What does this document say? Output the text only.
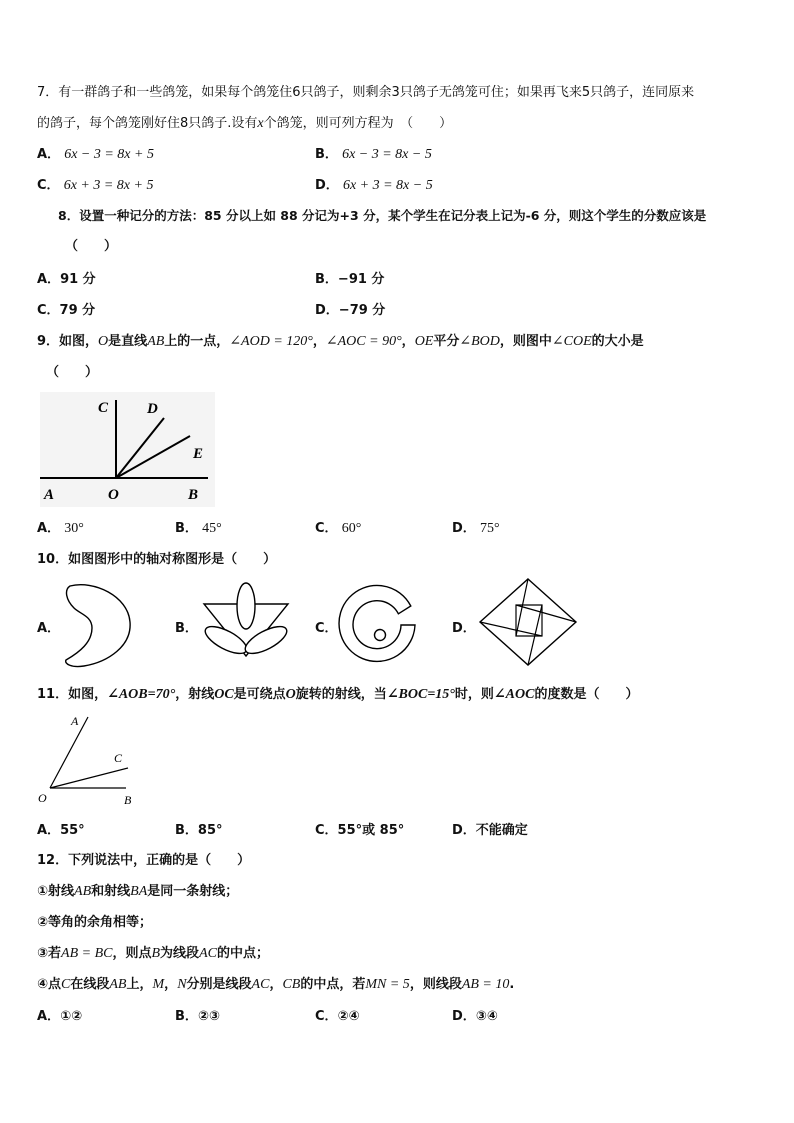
7．有一群鸽子和一些鸽笼，如果每个鸽笼住6只鸽子，则剩余3只鸽子无鸽笼可住；如果再飞来5只鸽子，连同原来
的鸽子，每个鸽笼刚好住8只鸽子.设有x个鸽笼，则可列方程为　（　　）
A． 6x − 3 = 8x + 5	B． 6x − 3 = 8x − 5
C． 6x + 3 = 8x + 5	D． 6x + 3 = 8x − 5
8．设置一种记分的方法：85 分以上如 88 分记为+3 分，某个学生在记分表上记为-6 分，则这个学生的分数应该是
（　　）
A．91 分	B．−91 分
C．79 分	D．−79 分
9．如图，O是直线AB上的一点，∠AOD = 120°，∠AOC = 90°，OE平分∠BOD，则图中∠COE的大小是
（　　）
C	D
E
A	O	B
A． 30°	B． 45°	C． 60°	D． 75°
10．如图图形中的轴对称图形是（　　）
A．	B．	C．	D．
11．如图，∠AOB=70°，射线OC是可绕点O旋转的射线，当∠BOC=15°时，则∠AOC的度数是（　　）
A
C
O	B
A．55°	B．85°	C．55°或 85°	D．不能确定
12．下列说法中，正确的是（　　）
①射线AB和射线BA是同一条射线；
②等角的余角相等；
③若AB = BC，则点B为线段AC的中点；
④点C在线段AB上，M，N分别是线段AC，CB的中点，若MN = 5，则线段AB = 10.
A．①②	B．②③	C．②④	D．③④
